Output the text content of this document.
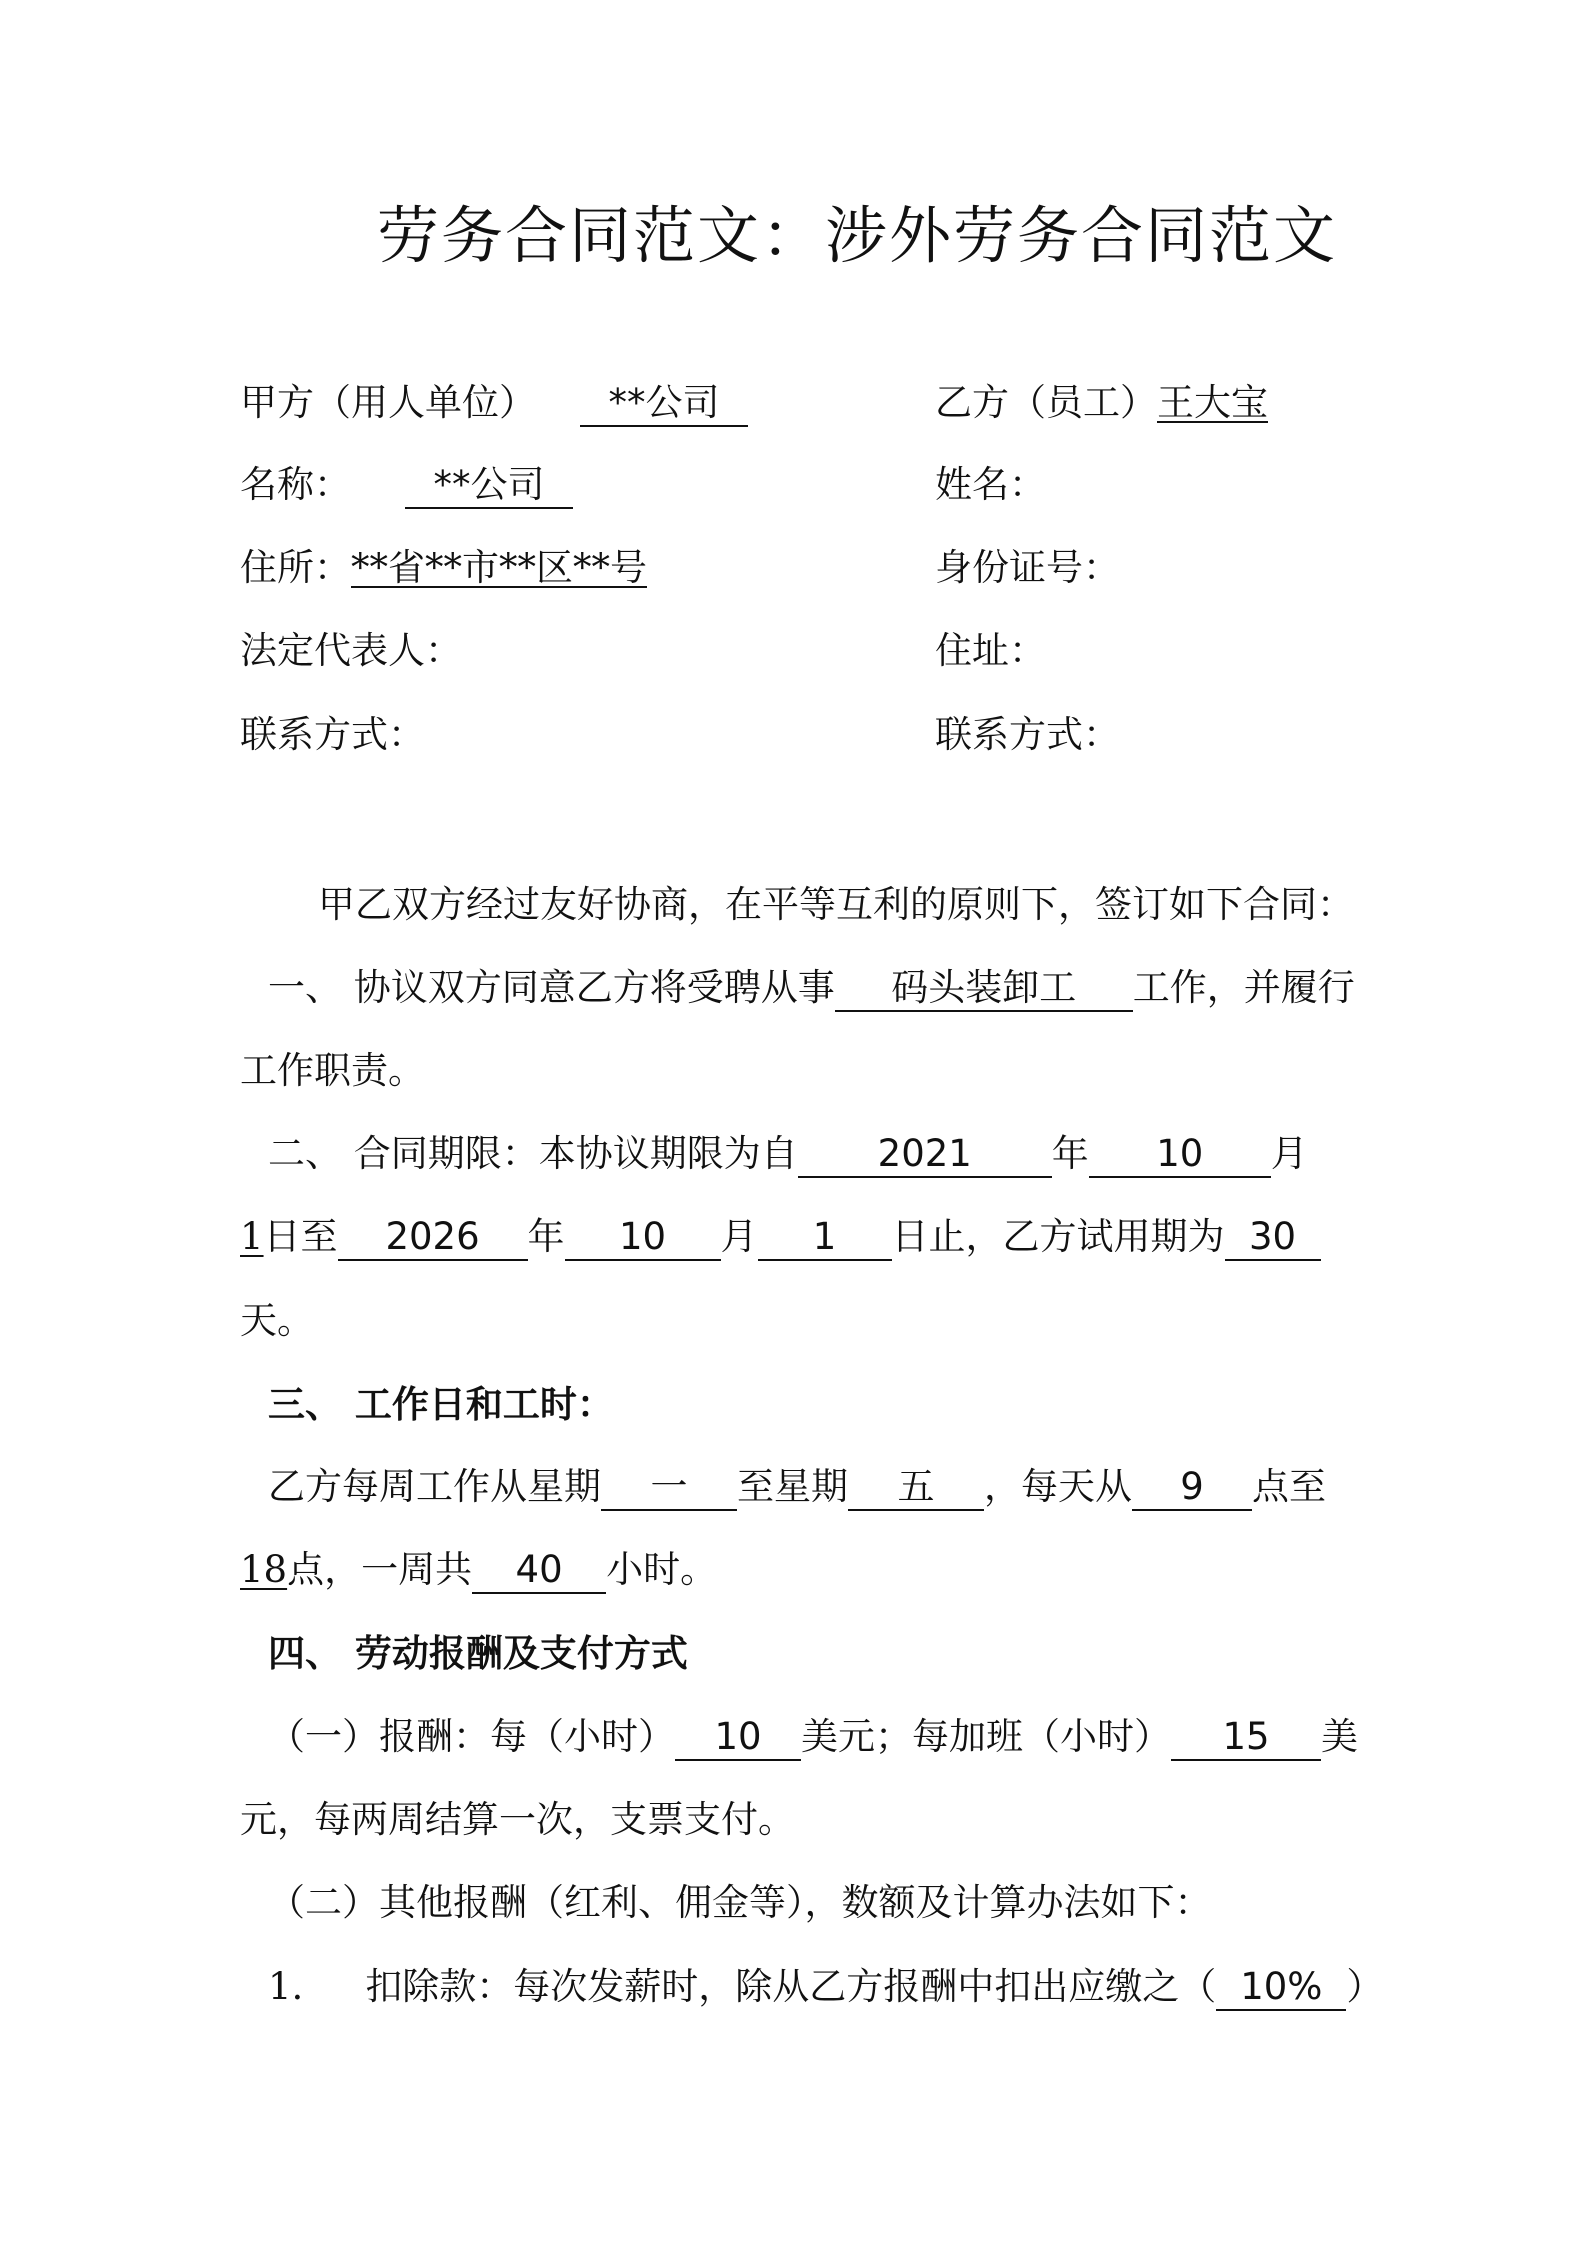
劳务合同范文：涉外劳务合同范文
甲方（用人单位）**公司
名称：**公司
住所：**省**市**区**号
法定代表人：
联系方式：
乙方（员工）王大宝
姓名：
身份证号：
住址：
联系方式：
甲乙双方经过友好协商，在平等互利的原则下，签订如下合同：
一、 协议双方同意乙方将受聘从事 码头装卸工 工作，并履行
工作职责。
二、 合同期限：本协议期限为自 2021 年 10 月
1日至 2026 年 10 月 1 日止，乙方试用期为 30
天。
三、 工作日和工时：
乙方每周工作从星期 一 至星期 五 ，每天从 9 点至
18点，一周共 40 小时。
四、 劳动报酬及支付方式
（一）报酬：每（小时） 10 美元；每加班（小时） 15 美
元，每两周结算一次，支票支付。
（二）其他报酬（红利、佣金等），数额及计算办法如下：
1. 扣除款：每次发薪时，除从乙方报酬中扣出应缴之（ 10% ）
